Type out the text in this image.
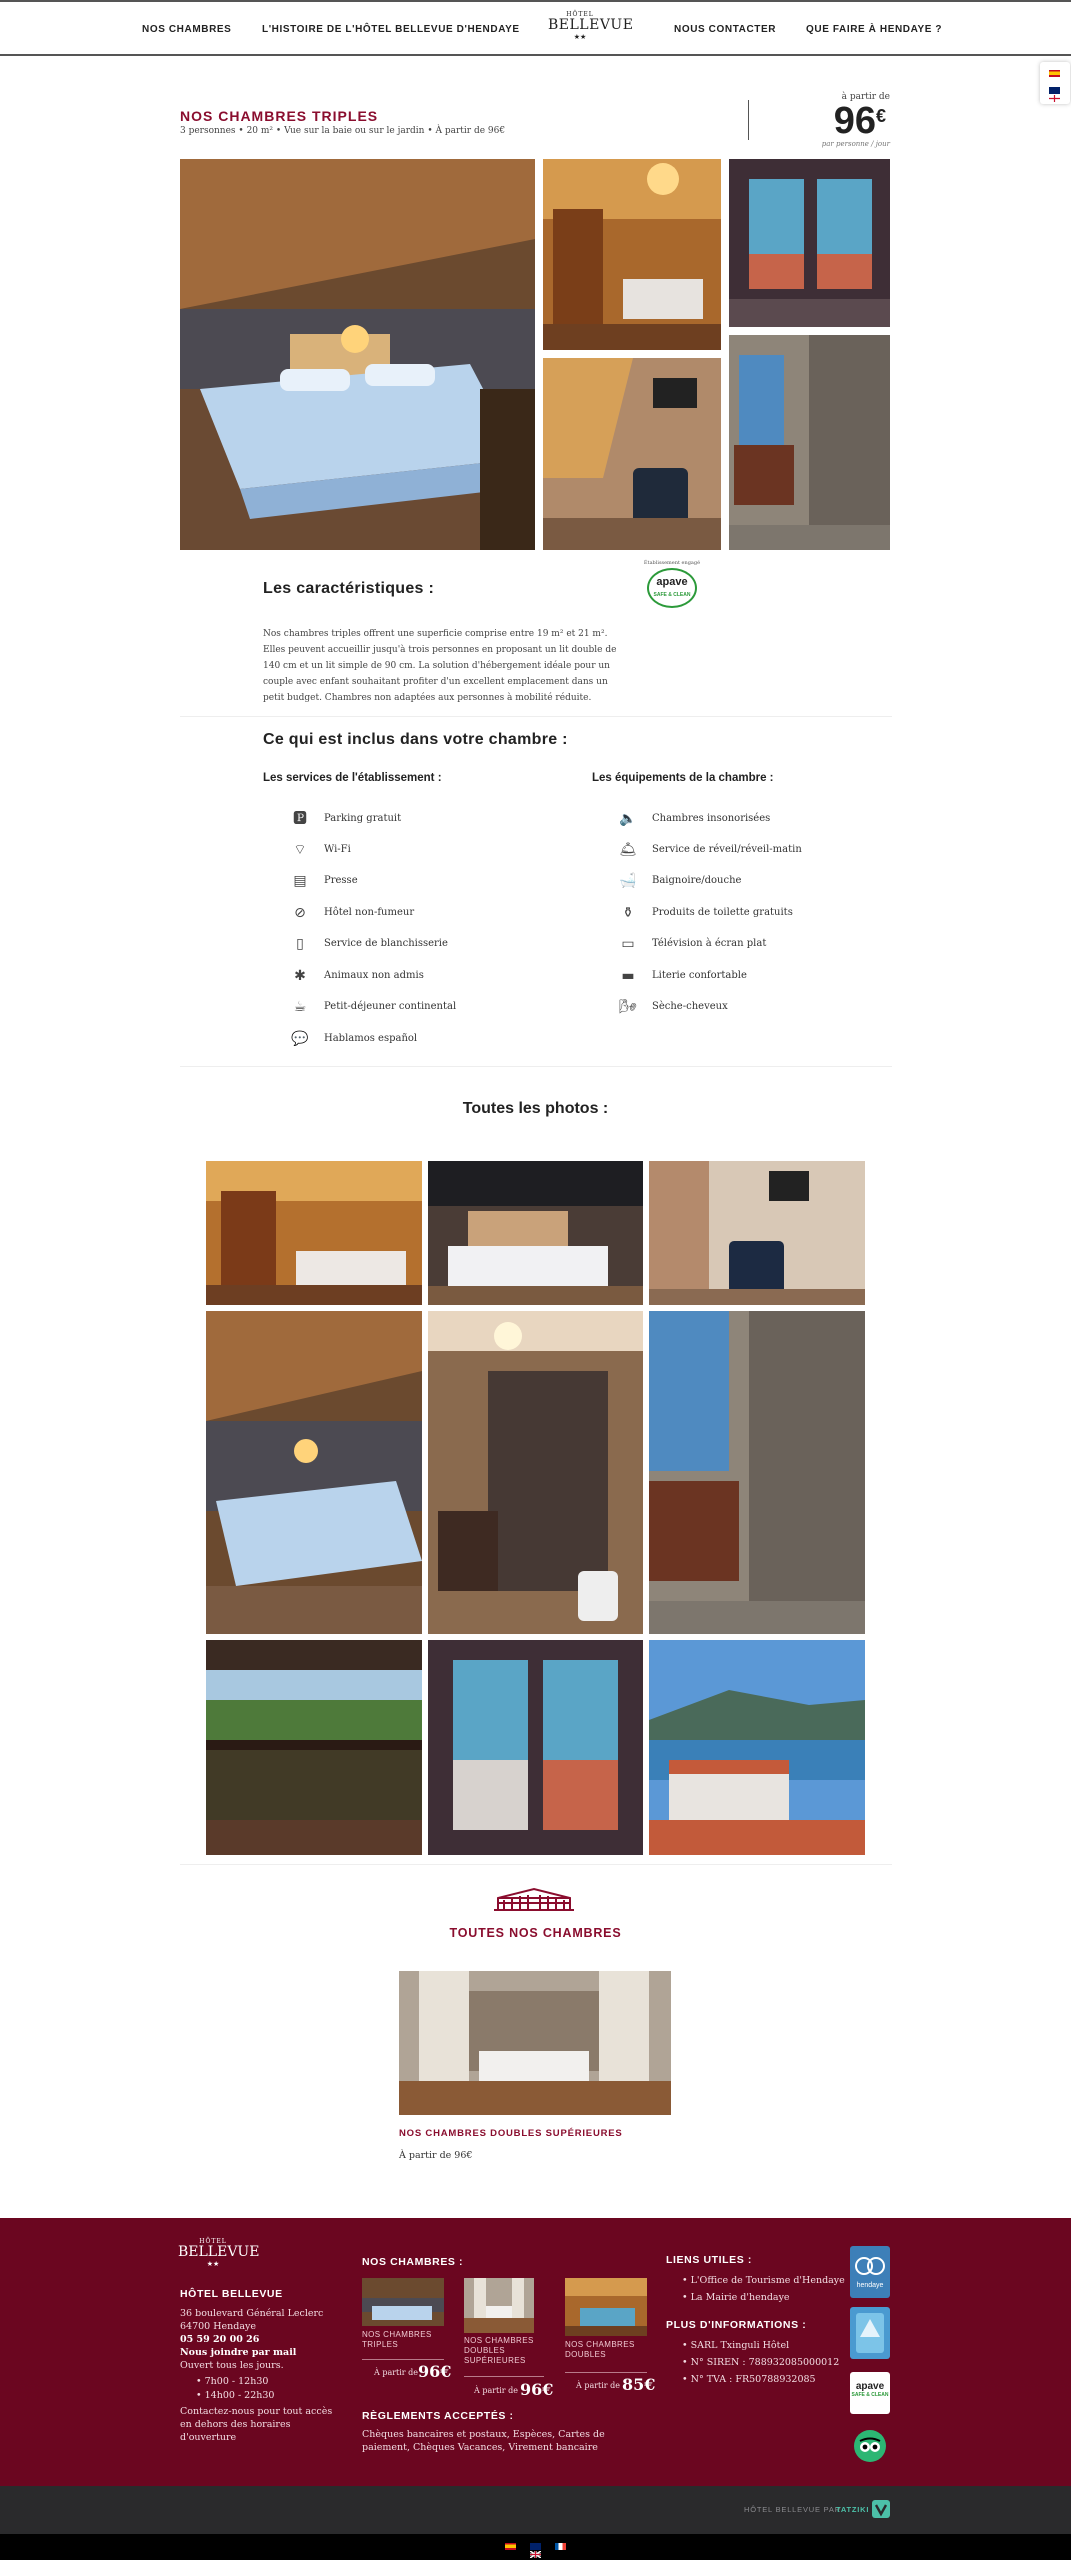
NOS CHAMBRES	L'HISTOIRE DE L'HÔTEL BELLEVUE D'HENDAYE
HÔTEL
BELLEVUE
★★
NOUS CONTACTER	QUE FAIRE À HENDAYE ?
NOS CHAMBRES TRIPLES
3 personnes • 20 m² • Vue sur la baie ou sur le jardin • À partir de 96€
à partir de
96 €
par personne / jour
Les caractéristiques :
Nos chambres triples offrent une superficie comprise entre 19 m² et 21 m². Elles peuvent accueillir jusqu'à trois personnes en proposant un lit double de 140 cm et un lit simple de 90 cm. La solution d'hébergement idéale pour un couple avec enfant souhaitant profiter d'un excellent emplacement dans un petit budget. Chambres non adaptées aux personnes à mobilité réduite.
Établissement engagé
apave
SAFE & CLEAN
Ce qui est inclus dans votre chambre :
Les services de l'établissement :	Les équipements de la chambre :
🅿	Parking gratuit
⌔	Wi-Fi
▤	Presse
⊘	Hôtel non-fumeur
▯	Service de blanchisserie
✱	Animaux non admis
☕	Petit-déjeuner continental
💬 Hablamos español
🔈 Chambres insonorisées
🛎 Service de réveil/réveil-matin
🛁 Baignoire/douche
⚱	Produits de toilette gratuits
▭	Télévision à écran plat
▬	Literie confortable
🌬 Sèche-cheveux
Toutes les photos :
TOUTES NOS CHAMBRES
NOS CHAMBRES DOUBLES SUPÉRIEURES
À partir de 96€
HÔTEL
BELLEVUE
★★
HÔTEL BELLEVUE
36 boulevard Général Leclerc
64700 Hendaye
05 59 20 00 26
Nous joindre par mail
Ouvert tous les jours.
• 7h00 - 12h30
• 14h00 - 22h30
Contactez-nous pour tout accès en dehors des horaires d'ouverture
NOS CHAMBRES :
NOS CHAMBRES TRIPLES
À partir de 96€
NOS CHAMBRES DOUBLES SUPÉRIEURES
À partir de 96€
NOS CHAMBRES DOUBLES
À partir de 85€
RÈGLEMENTS ACCEPTÉS :
Chèques bancaires et postaux, Espèces, Cartes de paiement, Chèques Vacances, Virement bancaire
LIENS UTILES :
• L'Office de Tourisme d'Hendaye
• La Mairie d'hendaye
PLUS D'INFORMATIONS :
• SARL Txinguli Hôtel
• N° SIREN : 788932085000012
• N° TVA : FR50788932085
hendaye
apave
SAFE & CLEAN
HÔTEL BELLEVUE PAR
TATZIKI
